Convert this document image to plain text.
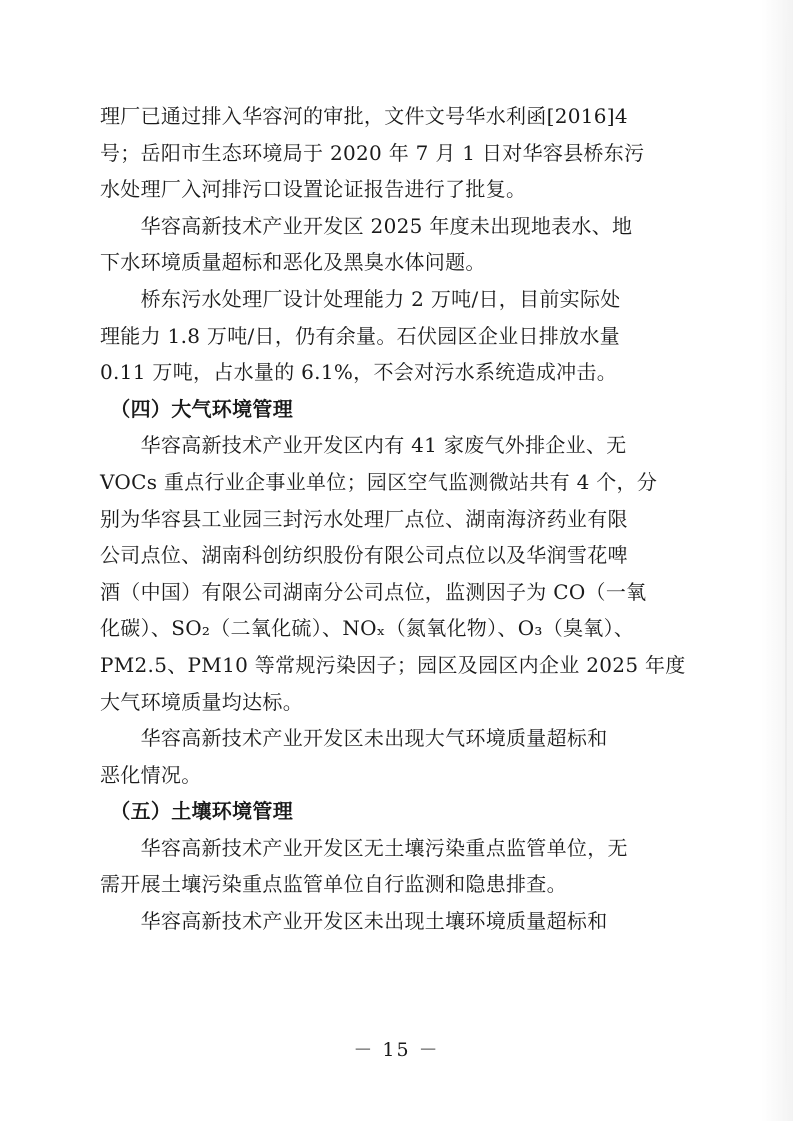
理厂已通过排入华容河的审批，文件文号华水利函[2016]4
号；岳阳市生态环境局于 2020 年 7 月 1 日对华容县桥东污
水处理厂入河排污口设置论证报告进行了批复。
　　华容高新技术产业开发区 2025 年度未出现地表水、地
下水环境质量超标和恶化及黑臭水体问题。
　　桥东污水处理厂设计处理能力 2 万吨/日，目前实际处
理能力 1.8 万吨/日，仍有余量。石伏园区企业日排放水量
0.11 万吨，占水量的 6.1%，不会对污水系统造成冲击。
　（四）大气环境管理
　　华容高新技术产业开发区内有 41 家废气外排企业、无
VOCs 重点行业企事业单位；园区空气监测微站共有 4 个，分
别为华容县工业园三封污水处理厂点位、湖南海济药业有限
公司点位、湖南科创纺织股份有限公司点位以及华润雪花啤
酒（中国）有限公司湖南分公司点位，监测因子为 CO（一氧
化碳）、SO₂（二氧化硫）、NOₓ（氮氧化物）、O₃（臭氧）、
PM2.5、PM10 等常规污染因子；园区及园区内企业 2025 年度
大气环境质量均达标。
　　华容高新技术产业开发区未出现大气环境质量超标和
恶化情况。
　（五）土壤环境管理
　　华容高新技术产业开发区无土壤污染重点监管单位，无
需开展土壤污染重点监管单位自行监测和隐患排查。
　　华容高新技术产业开发区未出现土壤环境质量超标和
－ 15 －
